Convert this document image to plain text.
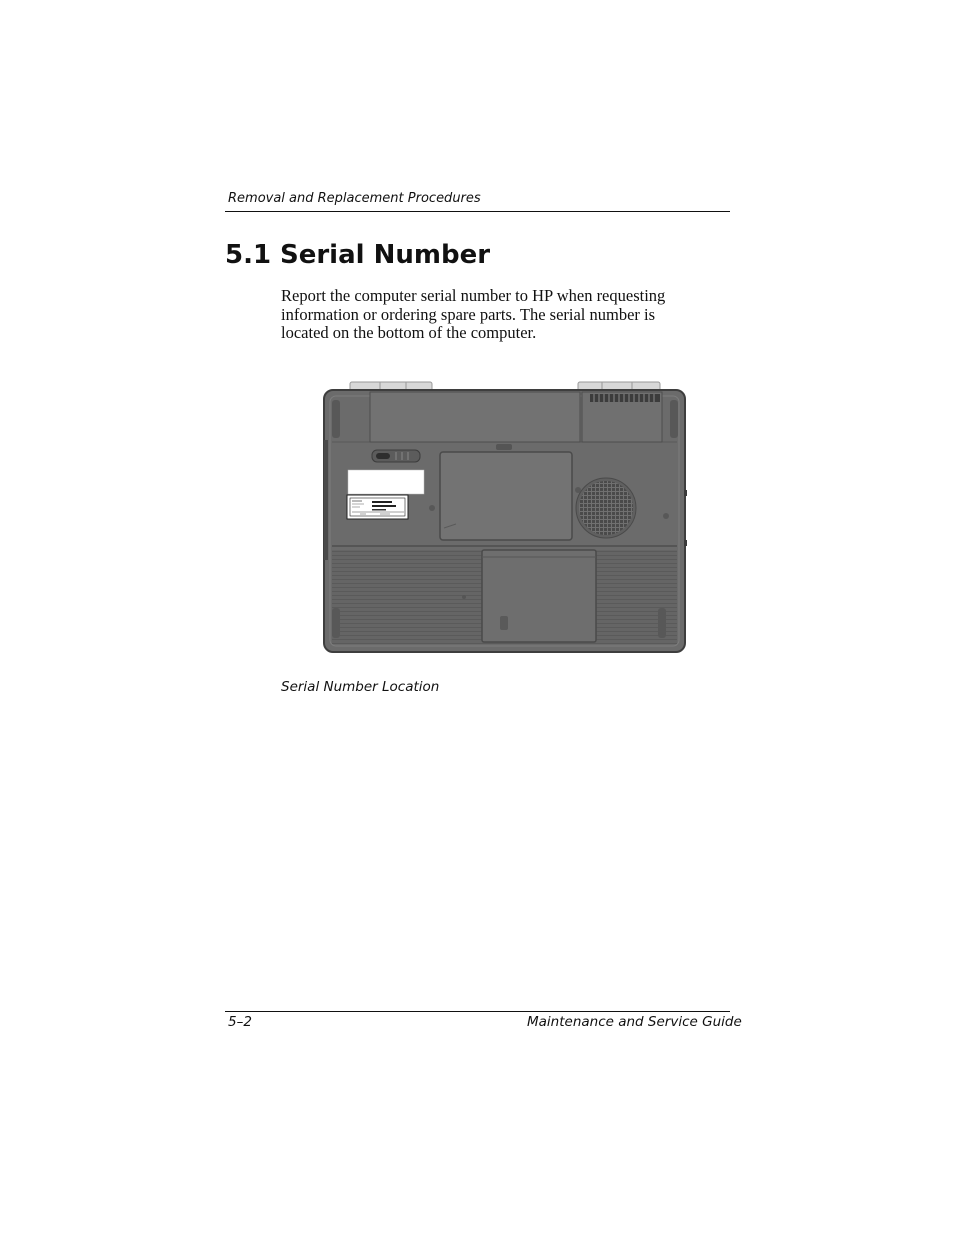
Removal and Replacement Procedures
5.1 Serial Number

Report the computer serial number to HP when requesting
information or ordering spare parts. The serial number is
located on the bottom of the computer.

Serial Number Location
5–2	Maintenance and Service Guide
